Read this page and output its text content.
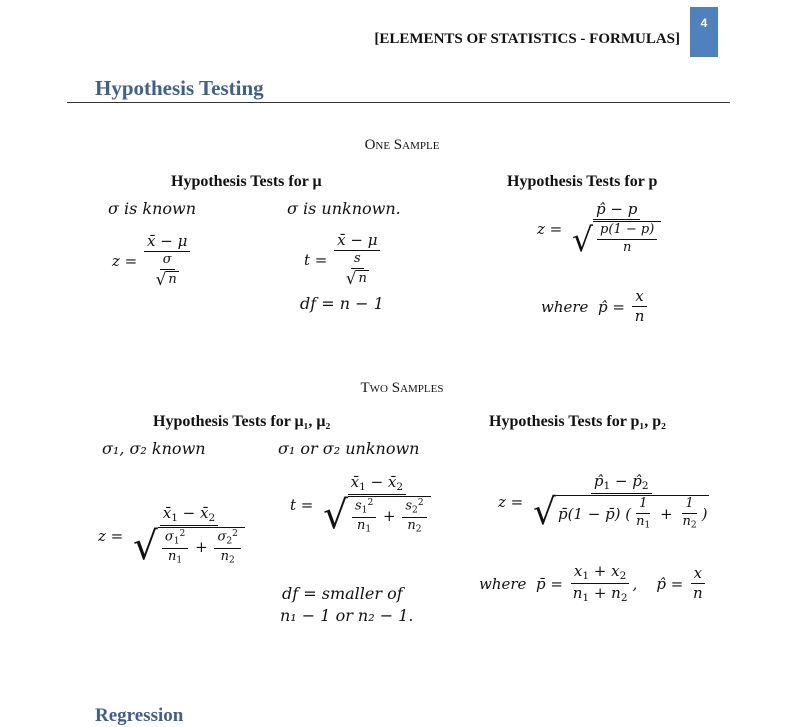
[ELEMENTS OF STATISTICS - FORMULAS]
4
Hypothesis Testing
One Sample
Hypothesis Tests for μ
σ is known	σ is unknown.
$z = \frac{x̄ - \mu}{\frac{\sigma}{√ n}}$	$t = \frac{x̄ - \mu}{\frac{s}{√ n}}$
df = n − 1
Hypothesis Tests for p
$z = \frac{p̂ - p}{√ \frac{p(1 - p)}{n}}$
where p̂ = $\frac{x}{n}$
Two Samples
Hypothesis Tests for μ₁, μ₂
σ₁, σ₂ known	σ₁ or σ₂ unknown
$z = \frac{x̄_1 - x̄_2}{√ \frac{\sigma_1^2}{n_1} + \frac{\sigma_2^2}{n_2}}$
$t = \frac{x̄_1 - x̄_2}{√ \frac{s_1^2}{n_1} + \frac{s_2^2}{n_2}}$
df = smaller of
n₁ − 1 or n₂ − 1.
Hypothesis Tests for p₁, p₂
z =
$p̂_1$ − $p̂_2$
√ p̄(1 − p̄) ( $\frac{1}{n_1} + \frac{1}{n_2}$ )
where p̄ = $\frac{x_1 + x_2}{n_1 + n_2}$ ,    p̂ = $\frac{x}{n}$
Regression
